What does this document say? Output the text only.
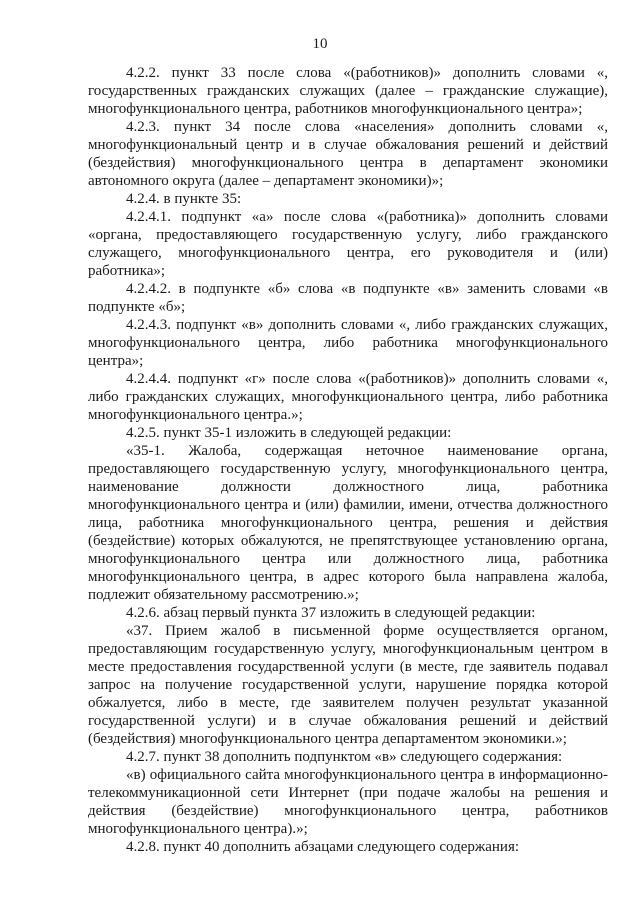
10

4.2.2. пункт 33 после слова «(работников)» дополнить словами «, государственных гражданских служащих (далее – гражданские служащие), многофункционального центра, работников многофункционального центра»;

4.2.3. пункт 34 после слова «населения» дополнить словами «, многофункциональный центр и в случае обжалования решений и действий (бездействия) многофункционального центра в департамент экономики автономного округа (далее – департамент экономики)»;

4.2.4. в пункте 35:

4.2.4.1. подпункт «а» после слова «(работника)» дополнить словами «органа, предоставляющего государственную услугу, либо гражданского служащего, многофункционального центра, его руководителя и (или) работника»;

4.2.4.2. в подпункте «б» слова «в подпункте «в» заменить словами «в подпункте «б»;

4.2.4.3. подпункт «в» дополнить словами «, либо гражданских служащих, многофункционального центра, либо работника многофункционального центра»;

4.2.4.4. подпункт «г» после слова «(работников)» дополнить словами «, либо гражданских служащих, многофункционального центра, либо работника многофункционального центра.»;

4.2.5. пункт 35-1 изложить в следующей редакции:

«35-1. Жалоба, содержащая неточное наименование органа, предоставляющего государственную услугу, многофункционального центра, наименование должности должностного лица, работника многофункционального центра и (или) фамилии, имени, отчества должностного лица, работника многофункционального центра, решения и действия (бездействие) которых обжалуются, не препятствующее установлению органа, многофункционального центра или должностного лица, работника многофункционального центра, в адрес которого была направлена жалоба, подлежит обязательному рассмотрению.»;

4.2.6. абзац первый пункта 37 изложить в следующей редакции:

«37. Прием жалоб в письменной форме осуществляется органом, предоставляющим государственную услугу, многофункциональным центром в месте предоставления государственной услуги (в месте, где заявитель подавал запрос на получение государственной услуги, нарушение порядка которой обжалуется, либо в месте, где заявителем получен результат указанной государственной услуги) и в случае обжалования решений и действий (бездействия) многофункционального центра департаментом экономики.»;

4.2.7. пункт 38 дополнить подпунктом «в» следующего содержания:

«в) официального сайта многофункционального центра в информационно-телекоммуникационной сети Интернет (при подаче жалобы на решения и действия (бездействие) многофункционального центра, работников многофункционального центра).»;

4.2.8. пункт 40 дополнить абзацами следующего содержания:
